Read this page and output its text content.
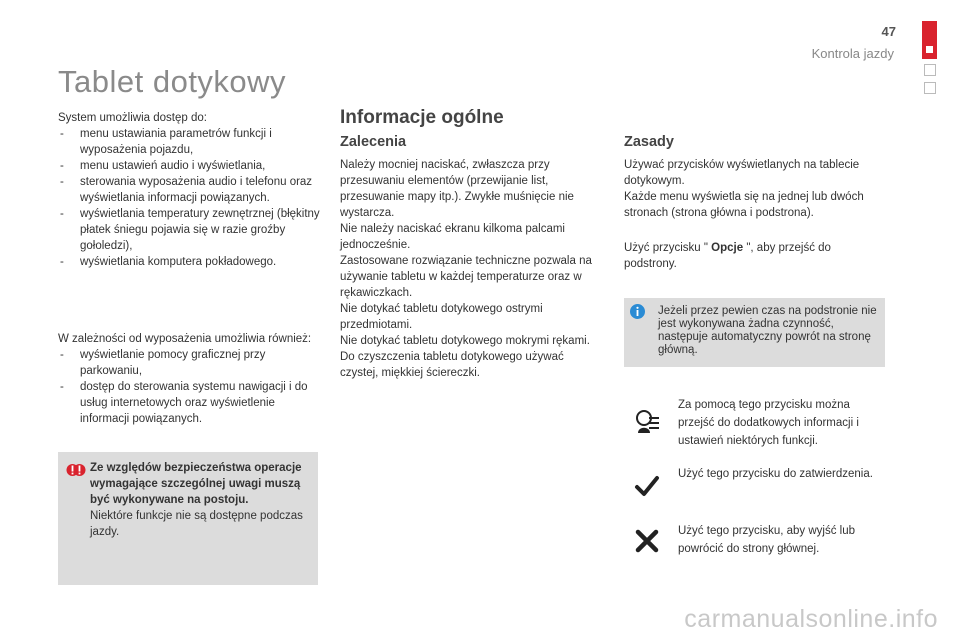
47
Kontrola jazdy
Tablet dotykowy

System umożliwia dostęp do:

- menu ustawiania parametrów funkcji i wyposażenia pojazdu,
- menu ustawień audio i wyświetlania,
- sterowania wyposażenia audio i telefonu oraz wyświetlania informacji powiązanych.
- wyświetlania temperatury zewnętrznej (błękitny płatek śniegu pojawia się w razie groźby gołoledzi),
- wyświetlania komputera pokładowego.

W zależności od wyposażenia umożliwia również:

- wyświetlanie pomocy graficznej przy parkowaniu,
- dostęp do sterowania systemu nawigacji i do usług internetowych oraz wyświetlenie informacji powiązanych.
Ze względów bezpieczeństwa operacje wymagające szczególnej uwagi muszą być wykonywane na postoju.
Niektóre funkcje nie są dostępne podczas jazdy.
Informacje ogólne
Zalecenia

Należy mocniej naciskać, zwłaszcza przy przesuwaniu elementów (przewijanie list, przesuwanie mapy itp.). Zwykłe muśnięcie nie wystarcza.

Nie należy naciskać ekranu kilkoma palcami jednocześnie.

Zastosowane rozwiązanie techniczne pozwala na używanie tabletu w każdej temperaturze oraz w rękawiczkach.

Nie dotykać tabletu dotykowego ostrymi przedmiotami.

Nie dotykać tabletu dotykowego mokrymi rękami.

Do czyszczenia tabletu dotykowego używać czystej, miękkiej ściereczki.

Zasady

Używać przycisków wyświetlanych na tablecie dotykowym.

Każde menu wyświetla się na jednej lub dwóch stronach (strona główna i podstrona).

Użyć przycisku " Opcje ", aby przejść do podstrony.
Jeżeli przez pewien czas na podstronie nie jest wykonywana żadna czynność, następuje automatyczny powrót na stronę główną.
Za pomocą tego przycisku można przejść do dodatkowych informacji i ustawień niektórych funkcji.
Użyć tego przycisku do zatwierdzenia.
Użyć tego przycisku, aby wyjść lub powrócić do strony głównej.
carmanualsonline.info
